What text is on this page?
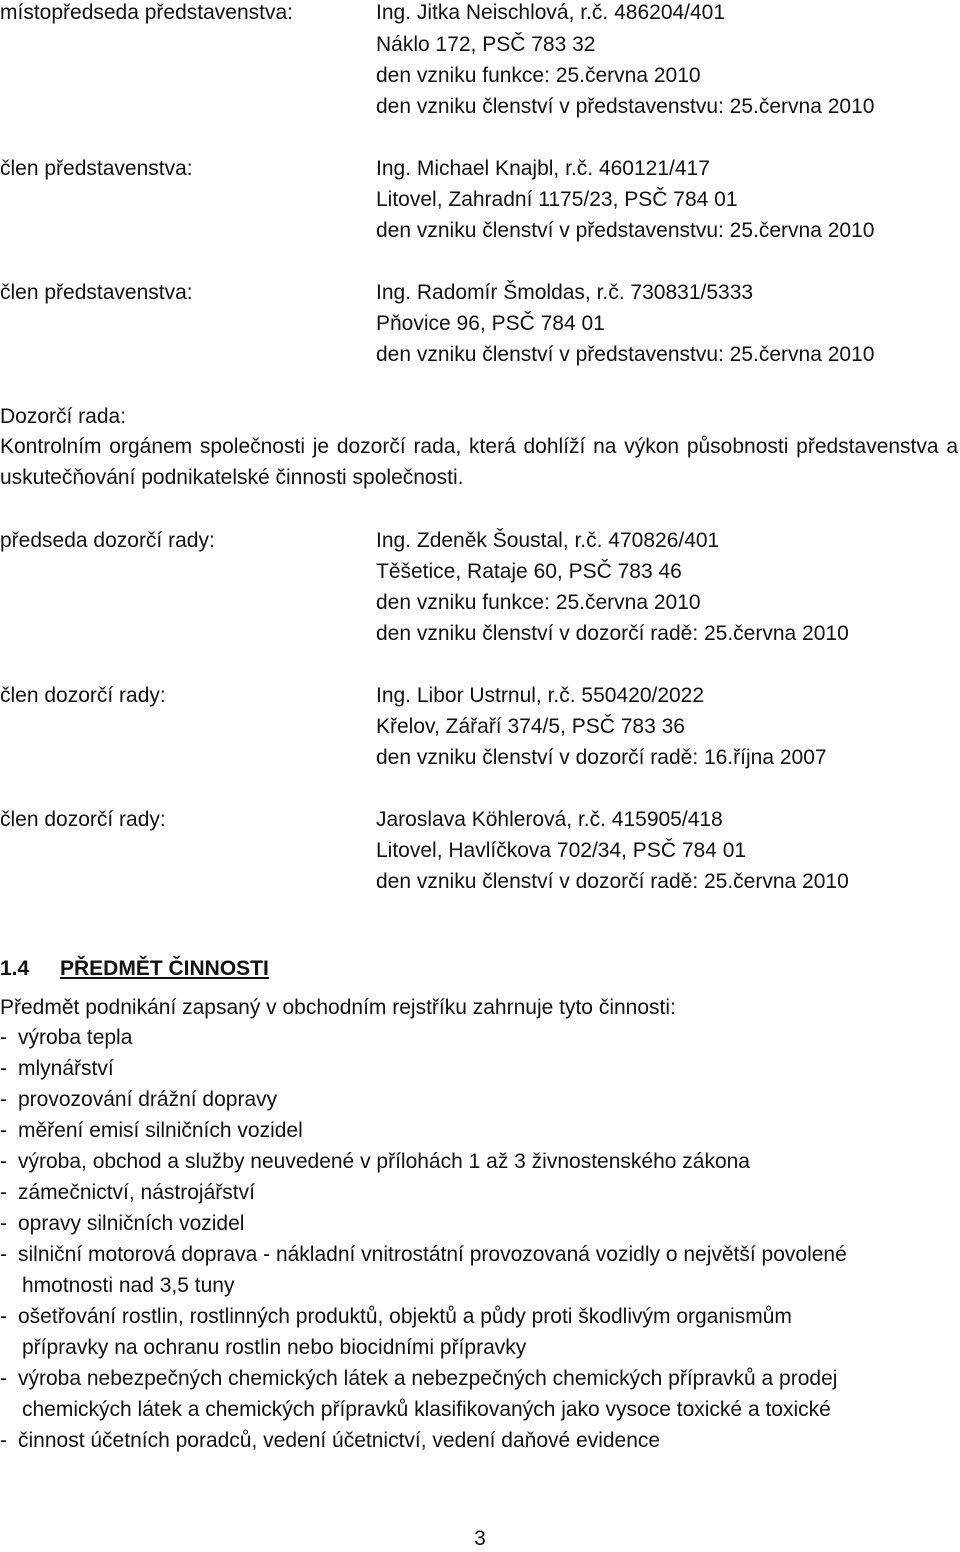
místopředseda představenstva:	Ing. Jitka Neischlová, r.č. 486204/401
Náklo 172, PSČ 783 32
den vzniku funkce: 25.června 2010
den vzniku členství v představenstvu: 25.června 2010
člen představenstva:	Ing. Michael Knajbl, r.č. 460121/417
Litovel, Zahradní 1175/23, PSČ 784 01
den vzniku členství v představenstvu: 25.června 2010
člen představenstva:	Ing. Radomír Šmoldas, r.č. 730831/5333
Pňovice 96, PSČ 784 01
den vzniku členství v představenstvu: 25.června 2010
Dozorčí rada:
Kontrolním orgánem společnosti je dozorčí rada, která dohlíží na výkon působnosti představenstva a uskutečňování podnikatelské činnosti společnosti.
předseda dozorčí rady:	Ing. Zdeněk Šoustal, r.č. 470826/401
Těšetice, Rataje 60, PSČ 783 46
den vzniku funkce: 25.června 2010
den vzniku členství v dozorčí radě: 25.června 2010
člen dozorčí rady:	Ing. Libor Ustrnul, r.č. 550420/2022
Křelov, Zářaří 374/5, PSČ 783 36
den vzniku členství v dozorčí radě: 16.října 2007
člen dozorčí rady:	Jaroslava Köhlerová, r.č. 415905/418
Litovel, Havlíčkova 702/34, PSČ 784 01
den vzniku členství v dozorčí radě: 25.června 2010
1.4 PŘEDMĚT ČINNOSTI
Předmět podnikání zapsaný v obchodním rejstříku zahrnuje tyto činnosti:
- výroba tepla
- mlynářství
- provozování drážní dopravy
- měření emisí silničních vozidel
- výroba, obchod a služby neuvedené v přílohách 1 až 3 živnostenského zákona
- zámečnictví, nástrojářství
- opravy silničních vozidel
- silniční motorová doprava - nákladní vnitrostátní provozovaná vozidly o největší povolené
hmotnosti nad 3,5 tuny
- ošetřování rostlin, rostlinných produktů, objektů a půdy proti škodlivým organismům
přípravky na ochranu rostlin nebo biocidními přípravky
- výroba nebezpečných chemických látek a nebezpečných chemických přípravků a prodej
chemických látek a chemických přípravků klasifikovaných jako vysoce toxické a toxické
- činnost účetních poradců, vedení účetnictví, vedení daňové evidence
3
